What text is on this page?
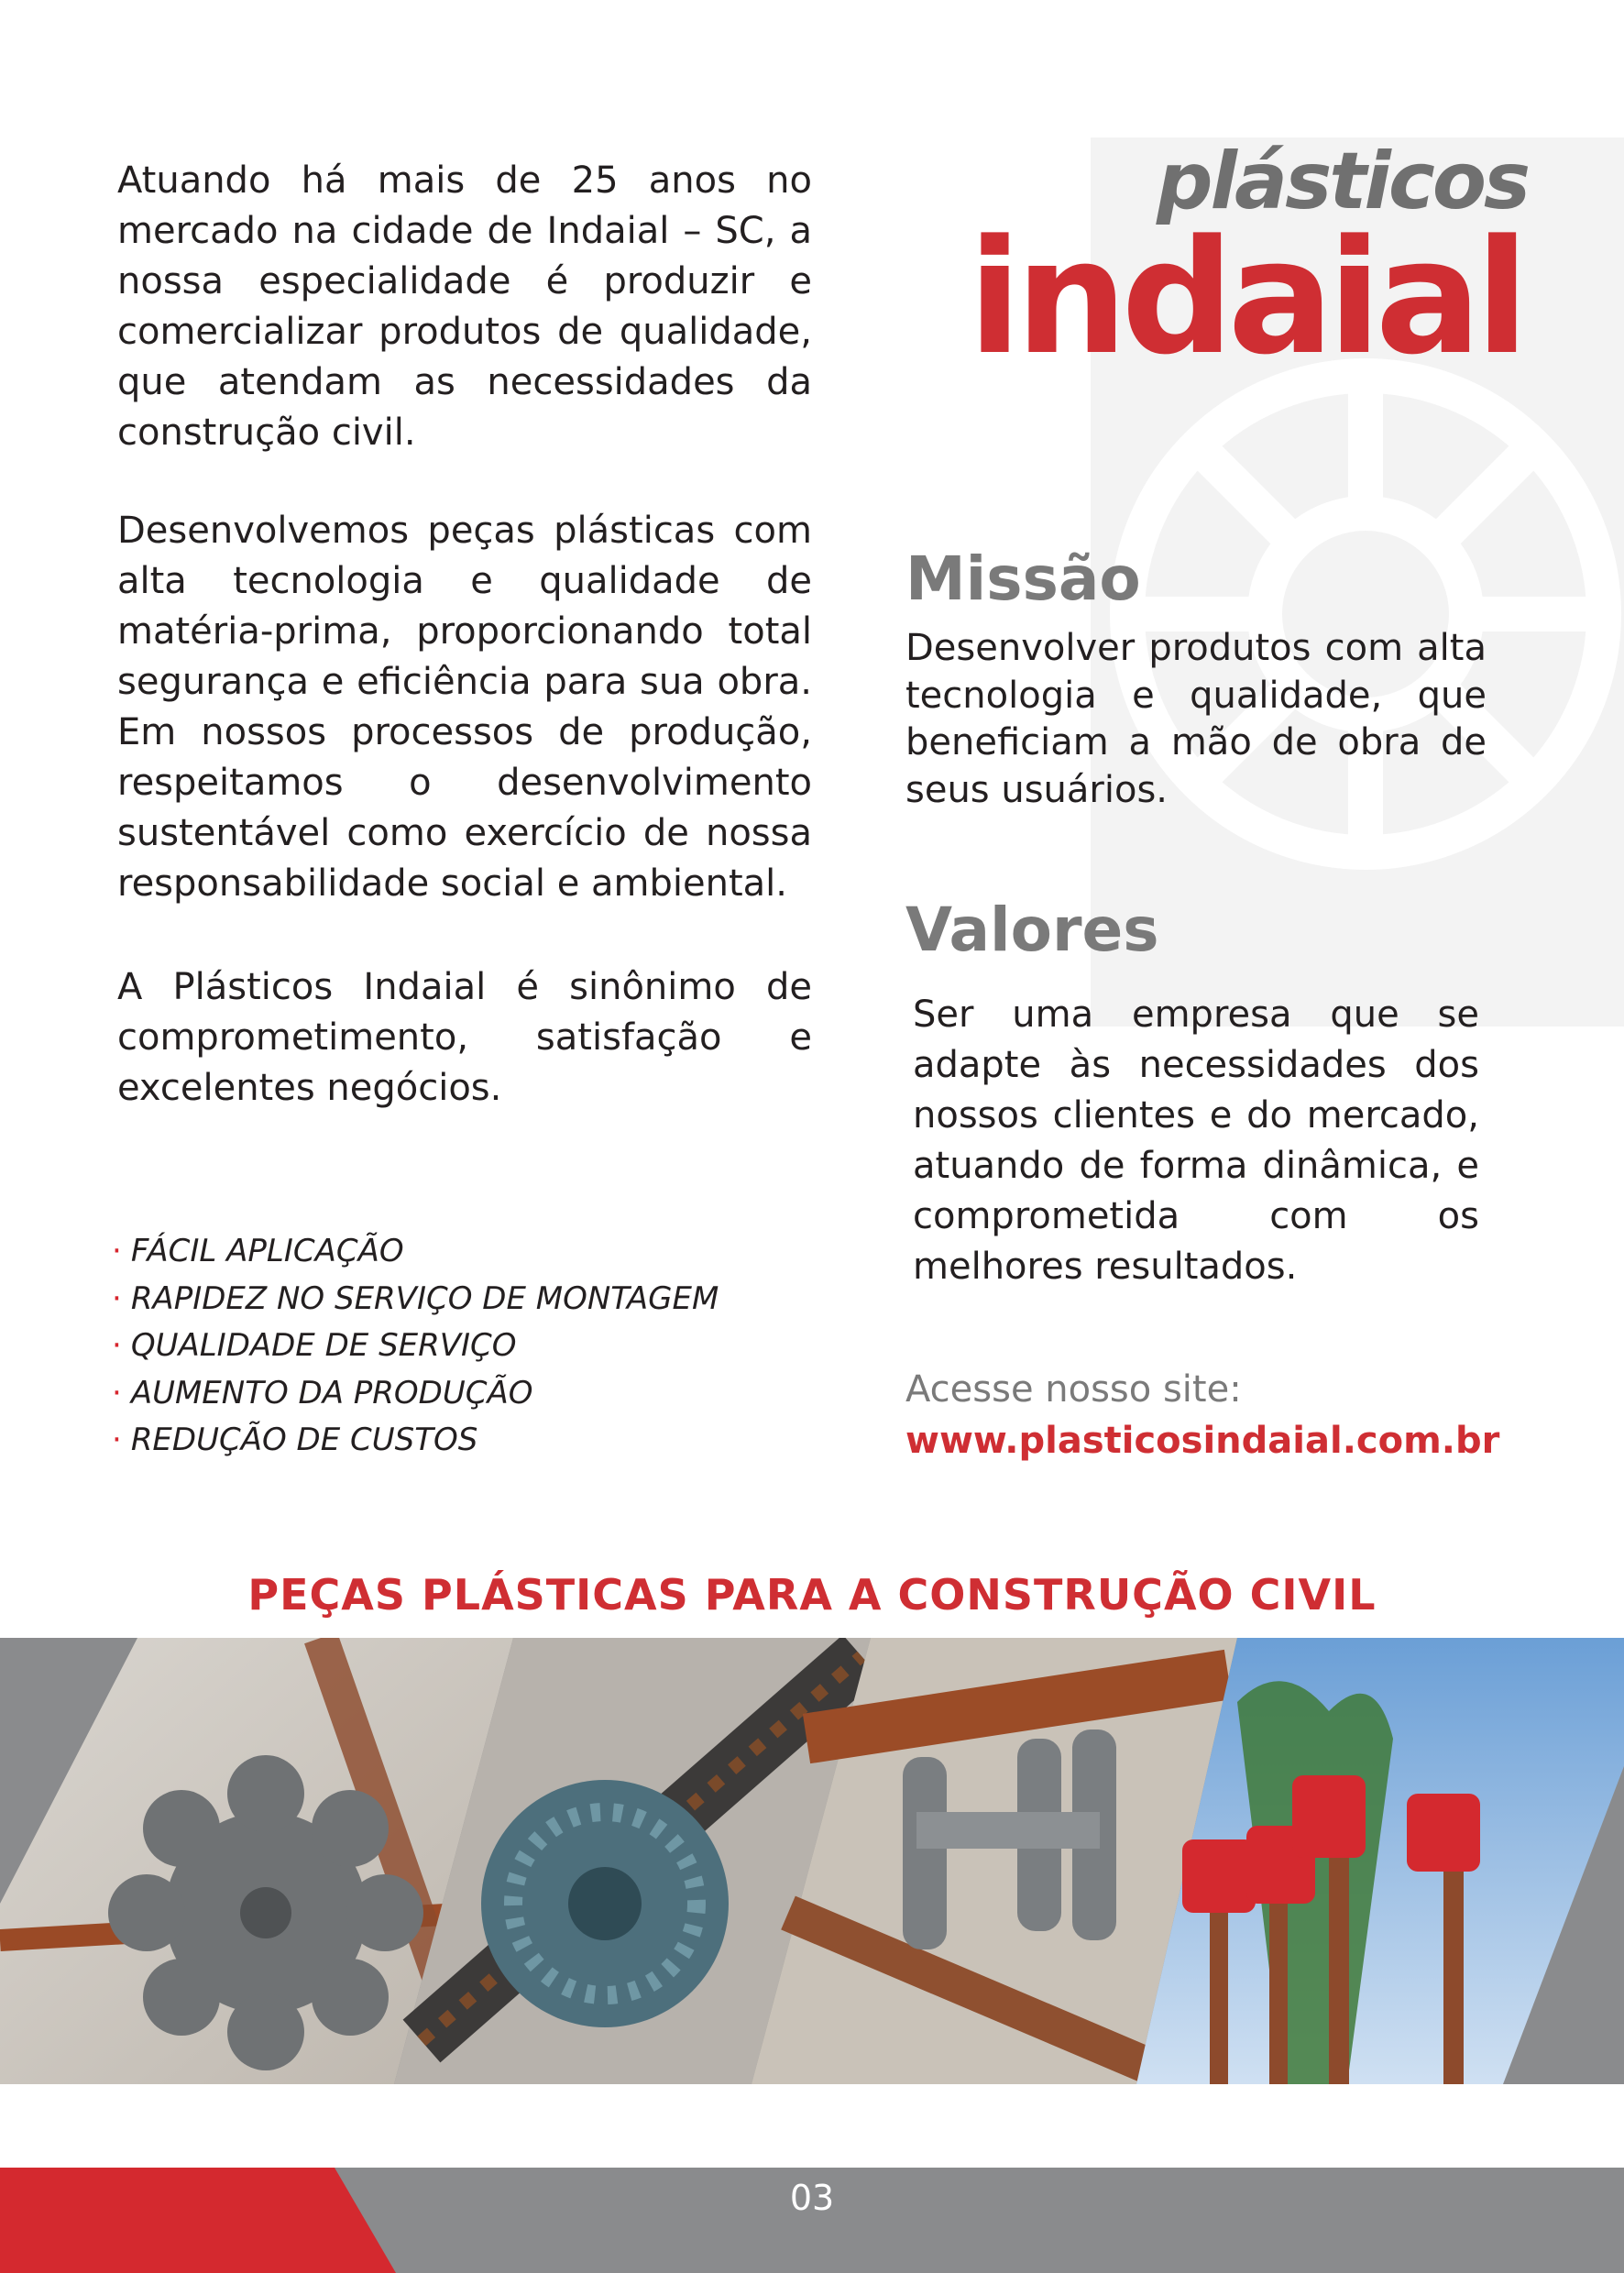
Atuando há mais de 25 anos no mercado na cidade de Indaial – SC, a nossa especialidade é produzir e comercializar produtos de qualidade, que atendam as necessidades da construção civil.

Desenvolvemos peças plásticas com alta tecnologia e qualidade de matéria-prima, proporcionando total segurança e eficiência para sua obra. Em nossos processos de produção, respeitamos o desenvolvimento sustentável como exercício de nossa responsabilidade social e ambiental.

A Plásticos Indaial é sinônimo de comprometimento, satisfação e excelentes negócios.

· FÁCIL APLICAÇÃO
· RAPIDEZ NO SERVIÇO DE MONTAGEM
· QUALIDADE DE SERVIÇO
· AUMENTO DA PRODUÇÃO
· REDUÇÃO DE CUSTOS
plásticos
indaial
Missão

Desenvolver produtos com alta tecnologia e qualidade, que beneficiam a mão de obra de seus usuários.

Valores

Ser uma empresa que se adapte às necessidades dos nossos clientes e do mercado, atuando de forma dinâmica, e comprometida com os melhores resultados.

Acesse nosso site:
www.plasticosindaial.com.br
PEÇAS PLÁSTICAS PARA A CONSTRUÇÃO CIVIL
03
